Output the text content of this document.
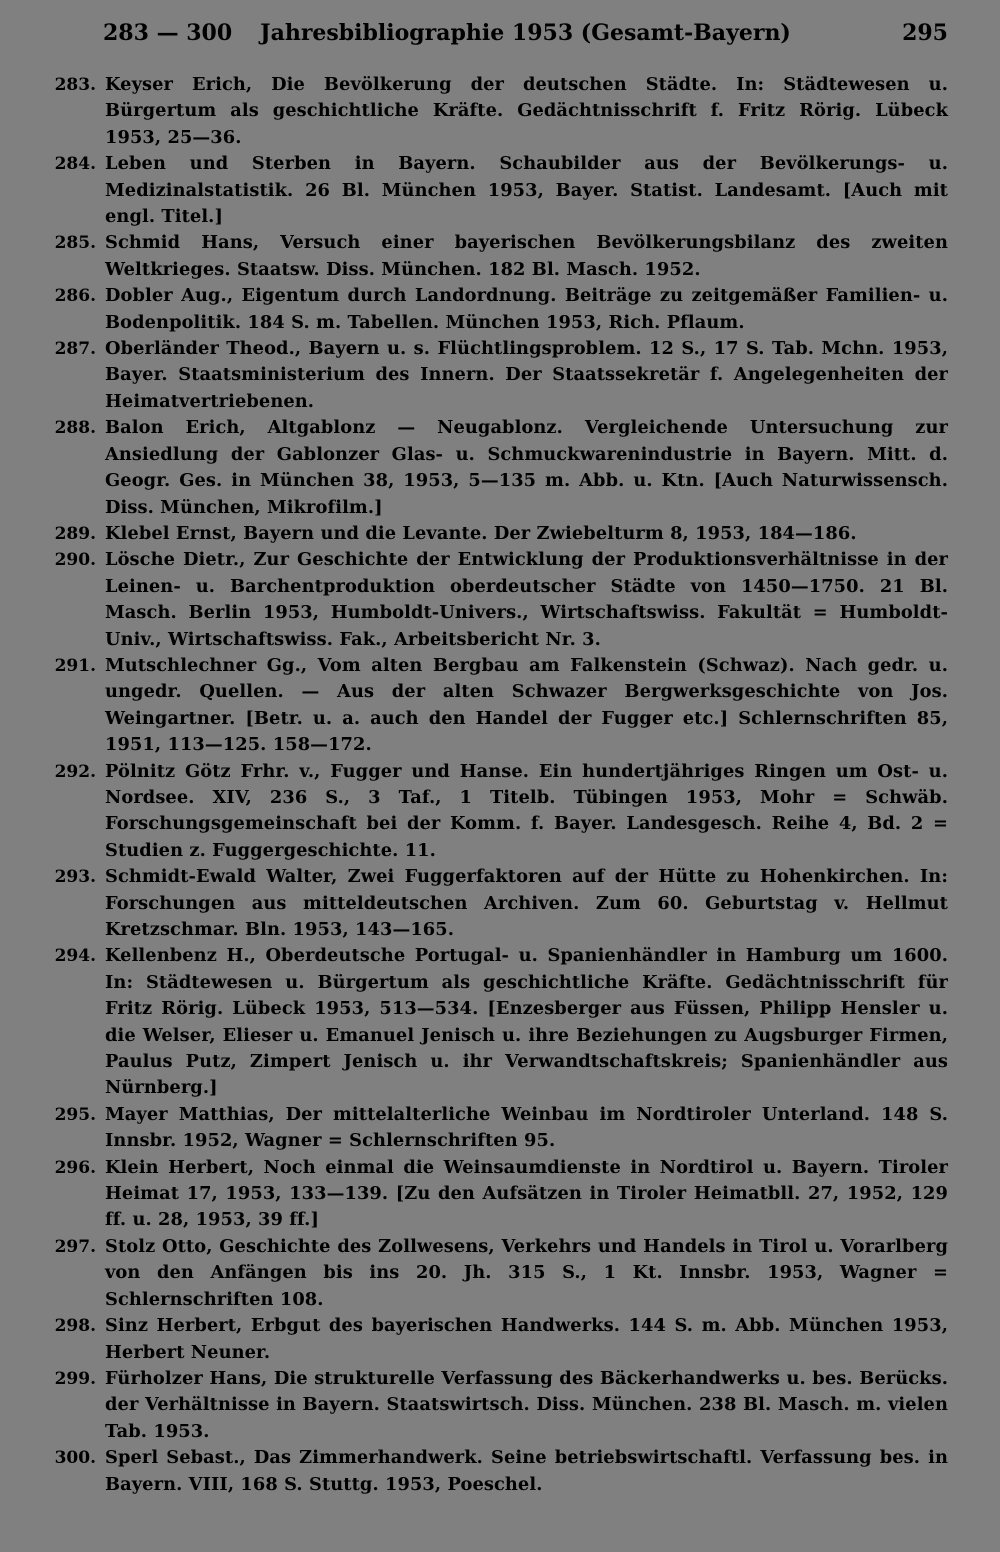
283 — 300	Jahresbibliographie 1953 (Gesamt-Bayern)	295
283. Keyser Erich, Die Bevölkerung der deutschen Städte. In: Städtewesen u. Bürgertum als geschichtliche Kräfte. Gedächtnisschrift f. Fritz Rörig. Lübeck 1953, 25—36.
284. Leben und Sterben in Bayern. Schaubilder aus der Bevölkerungs- u. Medizinalstatistik. 26 Bl. München 1953, Bayer. Statist. Landesamt. [Auch mit engl. Titel.]
285. Schmid Hans, Versuch einer bayerischen Bevölkerungsbilanz des zweiten Weltkrieges. Staatsw. Diss. München. 182 Bl. Masch. 1952.
286. Dobler Aug., Eigentum durch Landordnung. Beiträge zu zeitgemäßer Familien- u. Bodenpolitik. 184 S. m. Tabellen. München 1953, Rich. Pflaum.
287. Oberländer Theod., Bayern u. s. Flüchtlingsproblem. 12 S., 17 S. Tab. Mchn. 1953, Bayer. Staatsministerium des Innern. Der Staatssekretär f. Angelegenheiten der Heimatvertriebenen.
288. Balon Erich, Altgablonz — Neugablonz. Vergleichende Untersuchung zur Ansiedlung der Gablonzer Glas- u. Schmuckwarenindustrie in Bayern. Mitt. d. Geogr. Ges. in München 38, 1953, 5—135 m. Abb. u. Ktn. [Auch Naturwissensch. Diss. München, Mikrofilm.]
289. Klebel Ernst, Bayern und die Levante. Der Zwiebelturm 8, 1953, 184—186.
290. Lösche Dietr., Zur Geschichte der Entwicklung der Produktionsverhältnisse in der Leinen- u. Barchentproduktion oberdeutscher Städte von 1450—1750. 21 Bl. Masch. Berlin 1953, Humboldt-Univers., Wirtschaftswiss. Fakultät = Humboldt-Univ., Wirtschaftswiss. Fak., Arbeitsbericht Nr. 3.
291. Mutschlechner Gg., Vom alten Bergbau am Falkenstein (Schwaz). Nach gedr. u. ungedr. Quellen. — Aus der alten Schwazer Bergwerksgeschichte von Jos. Weingartner. [Betr. u. a. auch den Handel der Fugger etc.] Schlernschriften 85, 1951, 113—125. 158—172.
292. Pölnitz Götz Frhr. v., Fugger und Hanse. Ein hundertjähriges Ringen um Ost- u. Nordsee. XIV, 236 S., 3 Taf., 1 Titelb. Tübingen 1953, Mohr = Schwäb. Forschungsgemeinschaft bei der Komm. f. Bayer. Landesgesch. Reihe 4, Bd. 2 = Studien z. Fuggergeschichte. 11.
293. Schmidt-Ewald Walter, Zwei Fuggerfaktoren auf der Hütte zu Hohenkirchen. In: Forschungen aus mitteldeutschen Archiven. Zum 60. Geburtstag v. Hellmut Kretzschmar. Bln. 1953, 143—165.
294. Kellenbenz H., Oberdeutsche Portugal- u. Spanienhändler in Hamburg um 1600. In: Städtewesen u. Bürgertum als geschichtliche Kräfte. Gedächtnisschrift für Fritz Rörig. Lübeck 1953, 513—534. [Enzesberger aus Füssen, Philipp Hensler u. die Welser, Elieser u. Emanuel Jenisch u. ihre Beziehungen zu Augsburger Firmen, Paulus Putz, Zimpert Jenisch u. ihr Verwandtschaftskreis; Spanienhändler aus Nürnberg.]
295. Mayer Matthias, Der mittelalterliche Weinbau im Nordtiroler Unterland. 148 S. Innsbr. 1952, Wagner = Schlernschriften 95.
296. Klein Herbert, Noch einmal die Weinsaumdienste in Nordtirol u. Bayern. Tiroler Heimat 17, 1953, 133—139. [Zu den Aufsätzen in Tiroler Heimatbll. 27, 1952, 129 ff. u. 28, 1953, 39 ff.]
297. Stolz Otto, Geschichte des Zollwesens, Verkehrs und Handels in Tirol u. Vorarlberg von den Anfängen bis ins 20. Jh. 315 S., 1 Kt. Innsbr. 1953, Wagner = Schlernschriften 108.
298. Sinz Herbert, Erbgut des bayerischen Handwerks. 144 S. m. Abb. München 1953, Herbert Neuner.
299. Fürholzer Hans, Die strukturelle Verfassung des Bäckerhandwerks u. bes. Berücks. der Verhältnisse in Bayern. Staatswirtsch. Diss. München. 238 Bl. Masch. m. vielen Tab. 1953.
300. Sperl Sebast., Das Zimmerhandwerk. Seine betriebswirtschaftl. Verfassung bes. in Bayern. VIII, 168 S. Stuttg. 1953, Poeschel.
